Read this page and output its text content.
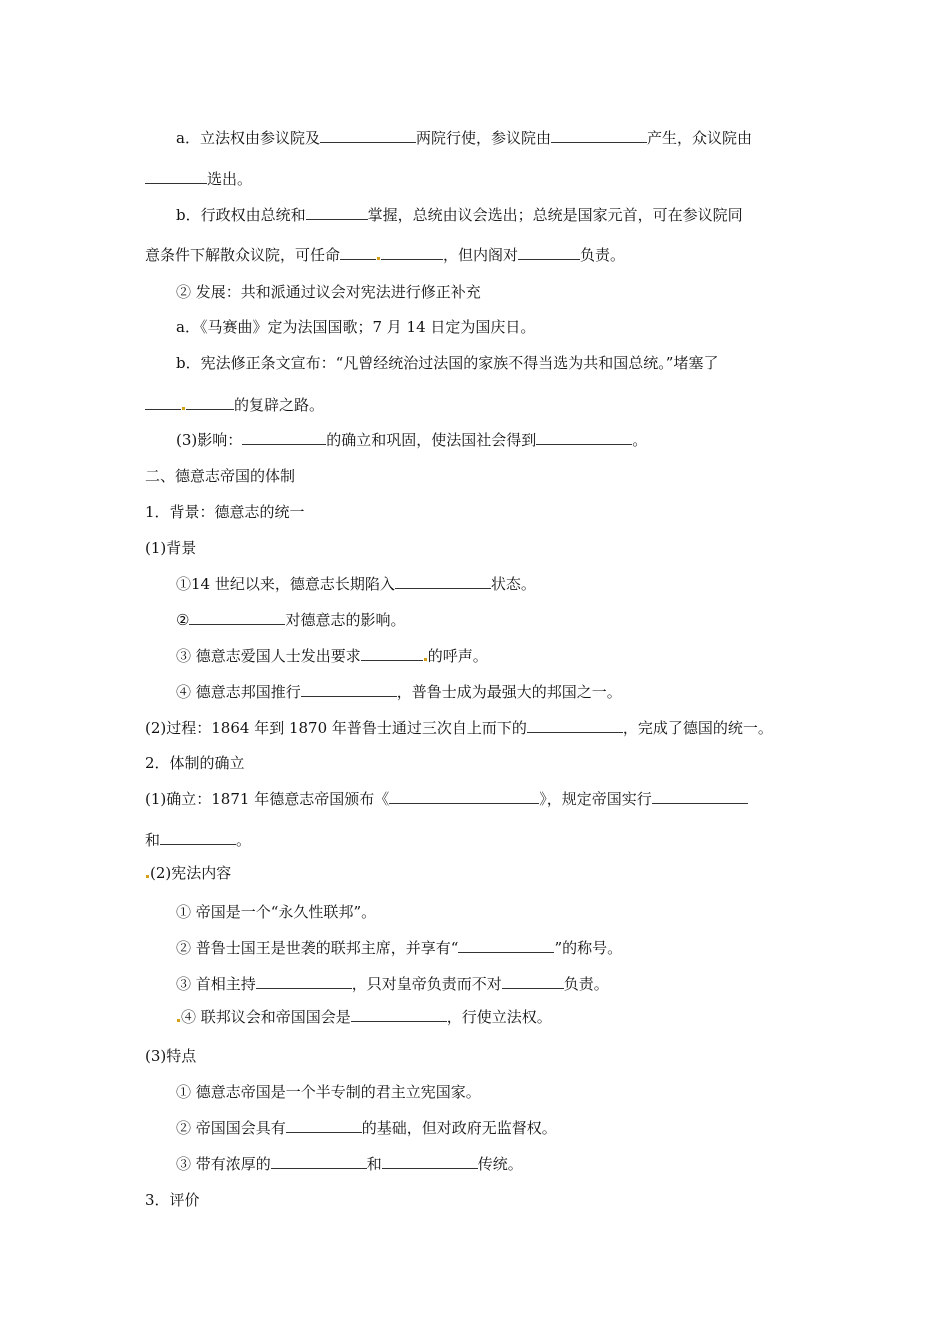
a．立法权由参议院及	两院行使，参议院由	产生，众议院由
选出。
b．行政权由总统和	掌握，总统由议会选出；总统是国家元首，可在参议院同
意条件下解散众议院，可任命	，但内阁对	负责。
② 发展：共和派通过议会对宪法进行修正补充
a．《马赛曲》定为法国国歌；7 月 14 日定为国庆日。
b．宪法修正条文宣布：“凡曾经统治过法国的家族不得当选为共和国总统。”堵塞了
的复辟之路。
(3)影响：	的确立和巩固，使法国社会得到	。
二、德意志帝国的体制
1．背景：德意志的统一
(1)背景
①14 世纪以来，德意志长期陷入	状态。
②	对德意志的影响。
③ 德意志爱国人士发出要求	的呼声。
④ 德意志邦国推行	，普鲁士成为最强大的邦国之一。
(2)过程：1864 年到 1870 年普鲁士通过三次自上而下的	，完成了德国的统一。
2．体制的确立
(1)确立：1871 年德意志帝国颁布《	》，规定帝国实行
和	。
(2)宪法内容
① 帝国是一个“永久性联邦”。
② 普鲁士国王是世袭的联邦主席，并享有“	”的称号。
③ 首相主持	，只对皇帝负责而不对	负责。
④ 联邦议会和帝国国会是	，行使立法权。
(3)特点
① 德意志帝国是一个半专制的君主立宪国家。
② 帝国国会具有	的基础，但对政府无监督权。
③ 带有浓厚的	和	传统。
3．评价
